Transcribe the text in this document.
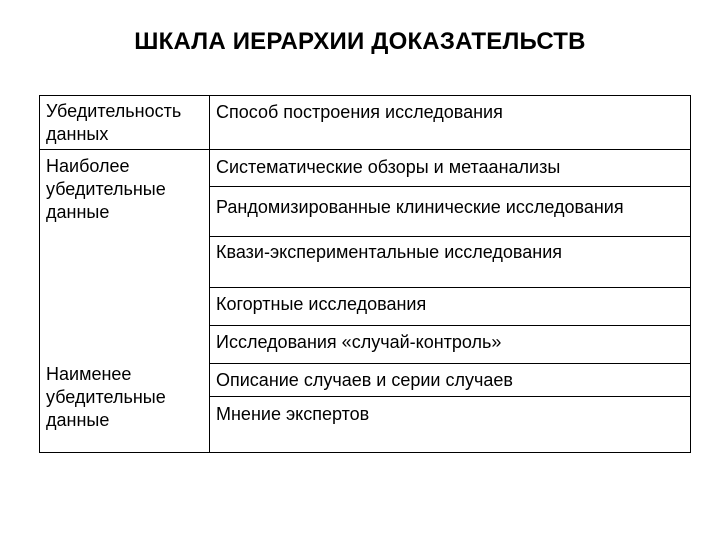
ШКАЛА ИЕРАРХИИ ДОКАЗАТЕЛЬСТВ
Убедительность данных
Способ построения исследования
Наиболее убедительные данные
Наименее убедительные данные
Систематические обзоры и метаанализы
Рандомизированные клинические исследования
Квази-экспериментальные исследования
Когортные исследования
Исследования «случай-контроль»
Описание случаев и серии случаев
Мнение экспертов
